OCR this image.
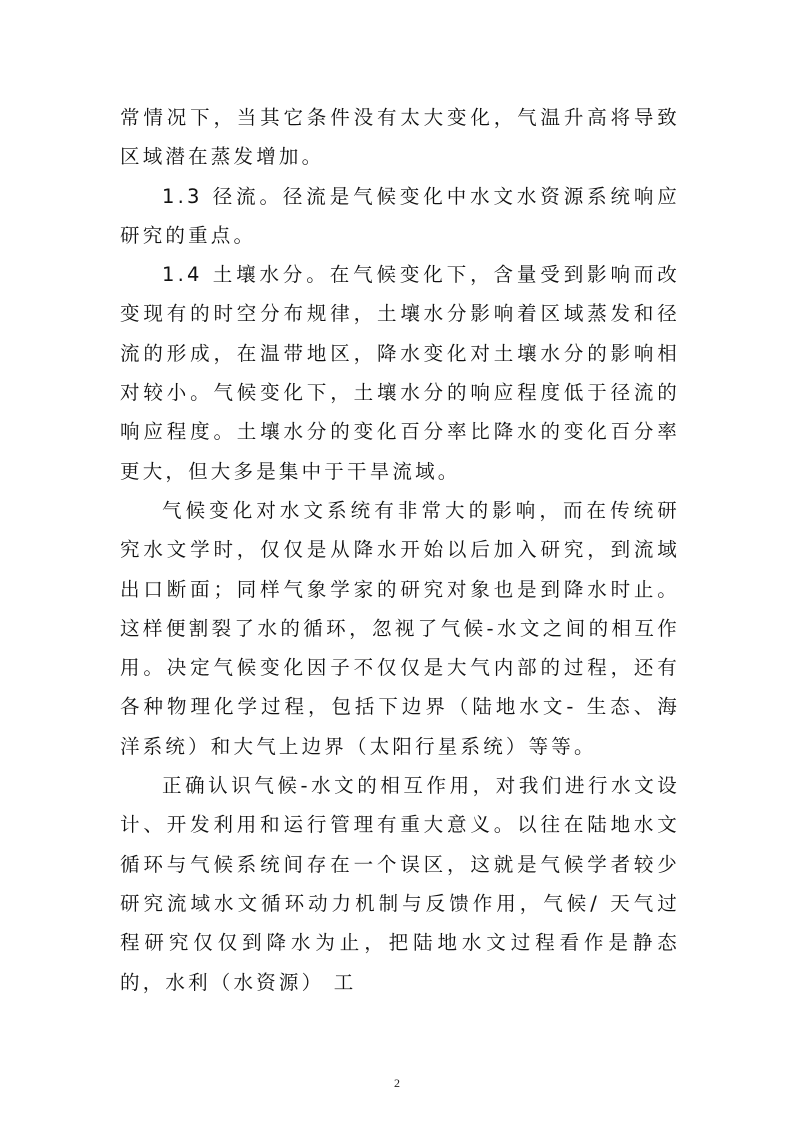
常情况下，当其它条件没有太大变化，气温升高将导致区域潜在蒸发增加。

1.3 径流。径流是气候变化中水文水资源系统响应研究的重点。

1.4 土壤水分。在气候变化下，含量受到影响而改变现有的时空分布规律，土壤水分影响着区域蒸发和径流的形成，在温带地区，降水变化对土壤水分的影响相对较小。气候变化下，土壤水分的响应程度低于径流的响应程度。土壤水分的变化百分率比降水的变化百分率更大，但大多是集中于干旱流域。

气候变化对水文系统有非常大的影响，而在传统研究水文学时，仅仅是从降水开始以后加入研究，到流域出口断面；同样气象学家的研究对象也是到降水时止。这样便割裂了水的循环，忽视了气候-水文之间的相互作用。决定气候变化因子不仅仅是大气内部的过程，还有各种物理化学过程，包括下边界（陆地水文- 生态、海洋系统）和大气上边界（太阳行星系统）等等。

正确认识气候-水文的相互作用，对我们进行水文设计、开发利用和运行管理有重大意义。以往在陆地水文循环与气候系统间存在一个误区，这就是气候学者较少研究流域水文循环动力机制与反馈作用，气候/ 天气过程研究仅仅到降水为止，把陆地水文过程看作是静态的，水利（水资源） 工

2
